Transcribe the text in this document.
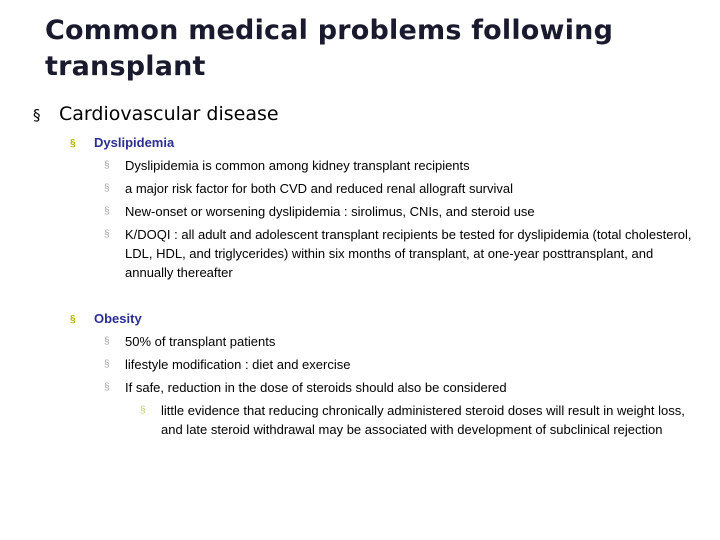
Common medical problems following transplant
§ Cardiovascular disease
§ Dyslipidemia
§	Dyslipidemia is common among kidney transplant recipients
§	a major risk factor for both CVD and reduced renal allograft survival
§	New-onset or worsening dyslipidemia : sirolimus, CNIs, and steroid use
§	K/DOQI : all adult and adolescent transplant recipients be tested for dyslipidemia (total cholesterol, LDL, HDL, and triglycerides) within six months of transplant, at one-year posttransplant, and annually thereafter
§ Obesity
§	50% of transplant patients
§	lifestyle modification : diet and exercise
§	If safe, reduction in the dose of steroids should also be considered
§	little evidence that reducing chronically administered steroid doses will result in weight loss, and late steroid withdrawal may be associated with development of subclinical rejection
